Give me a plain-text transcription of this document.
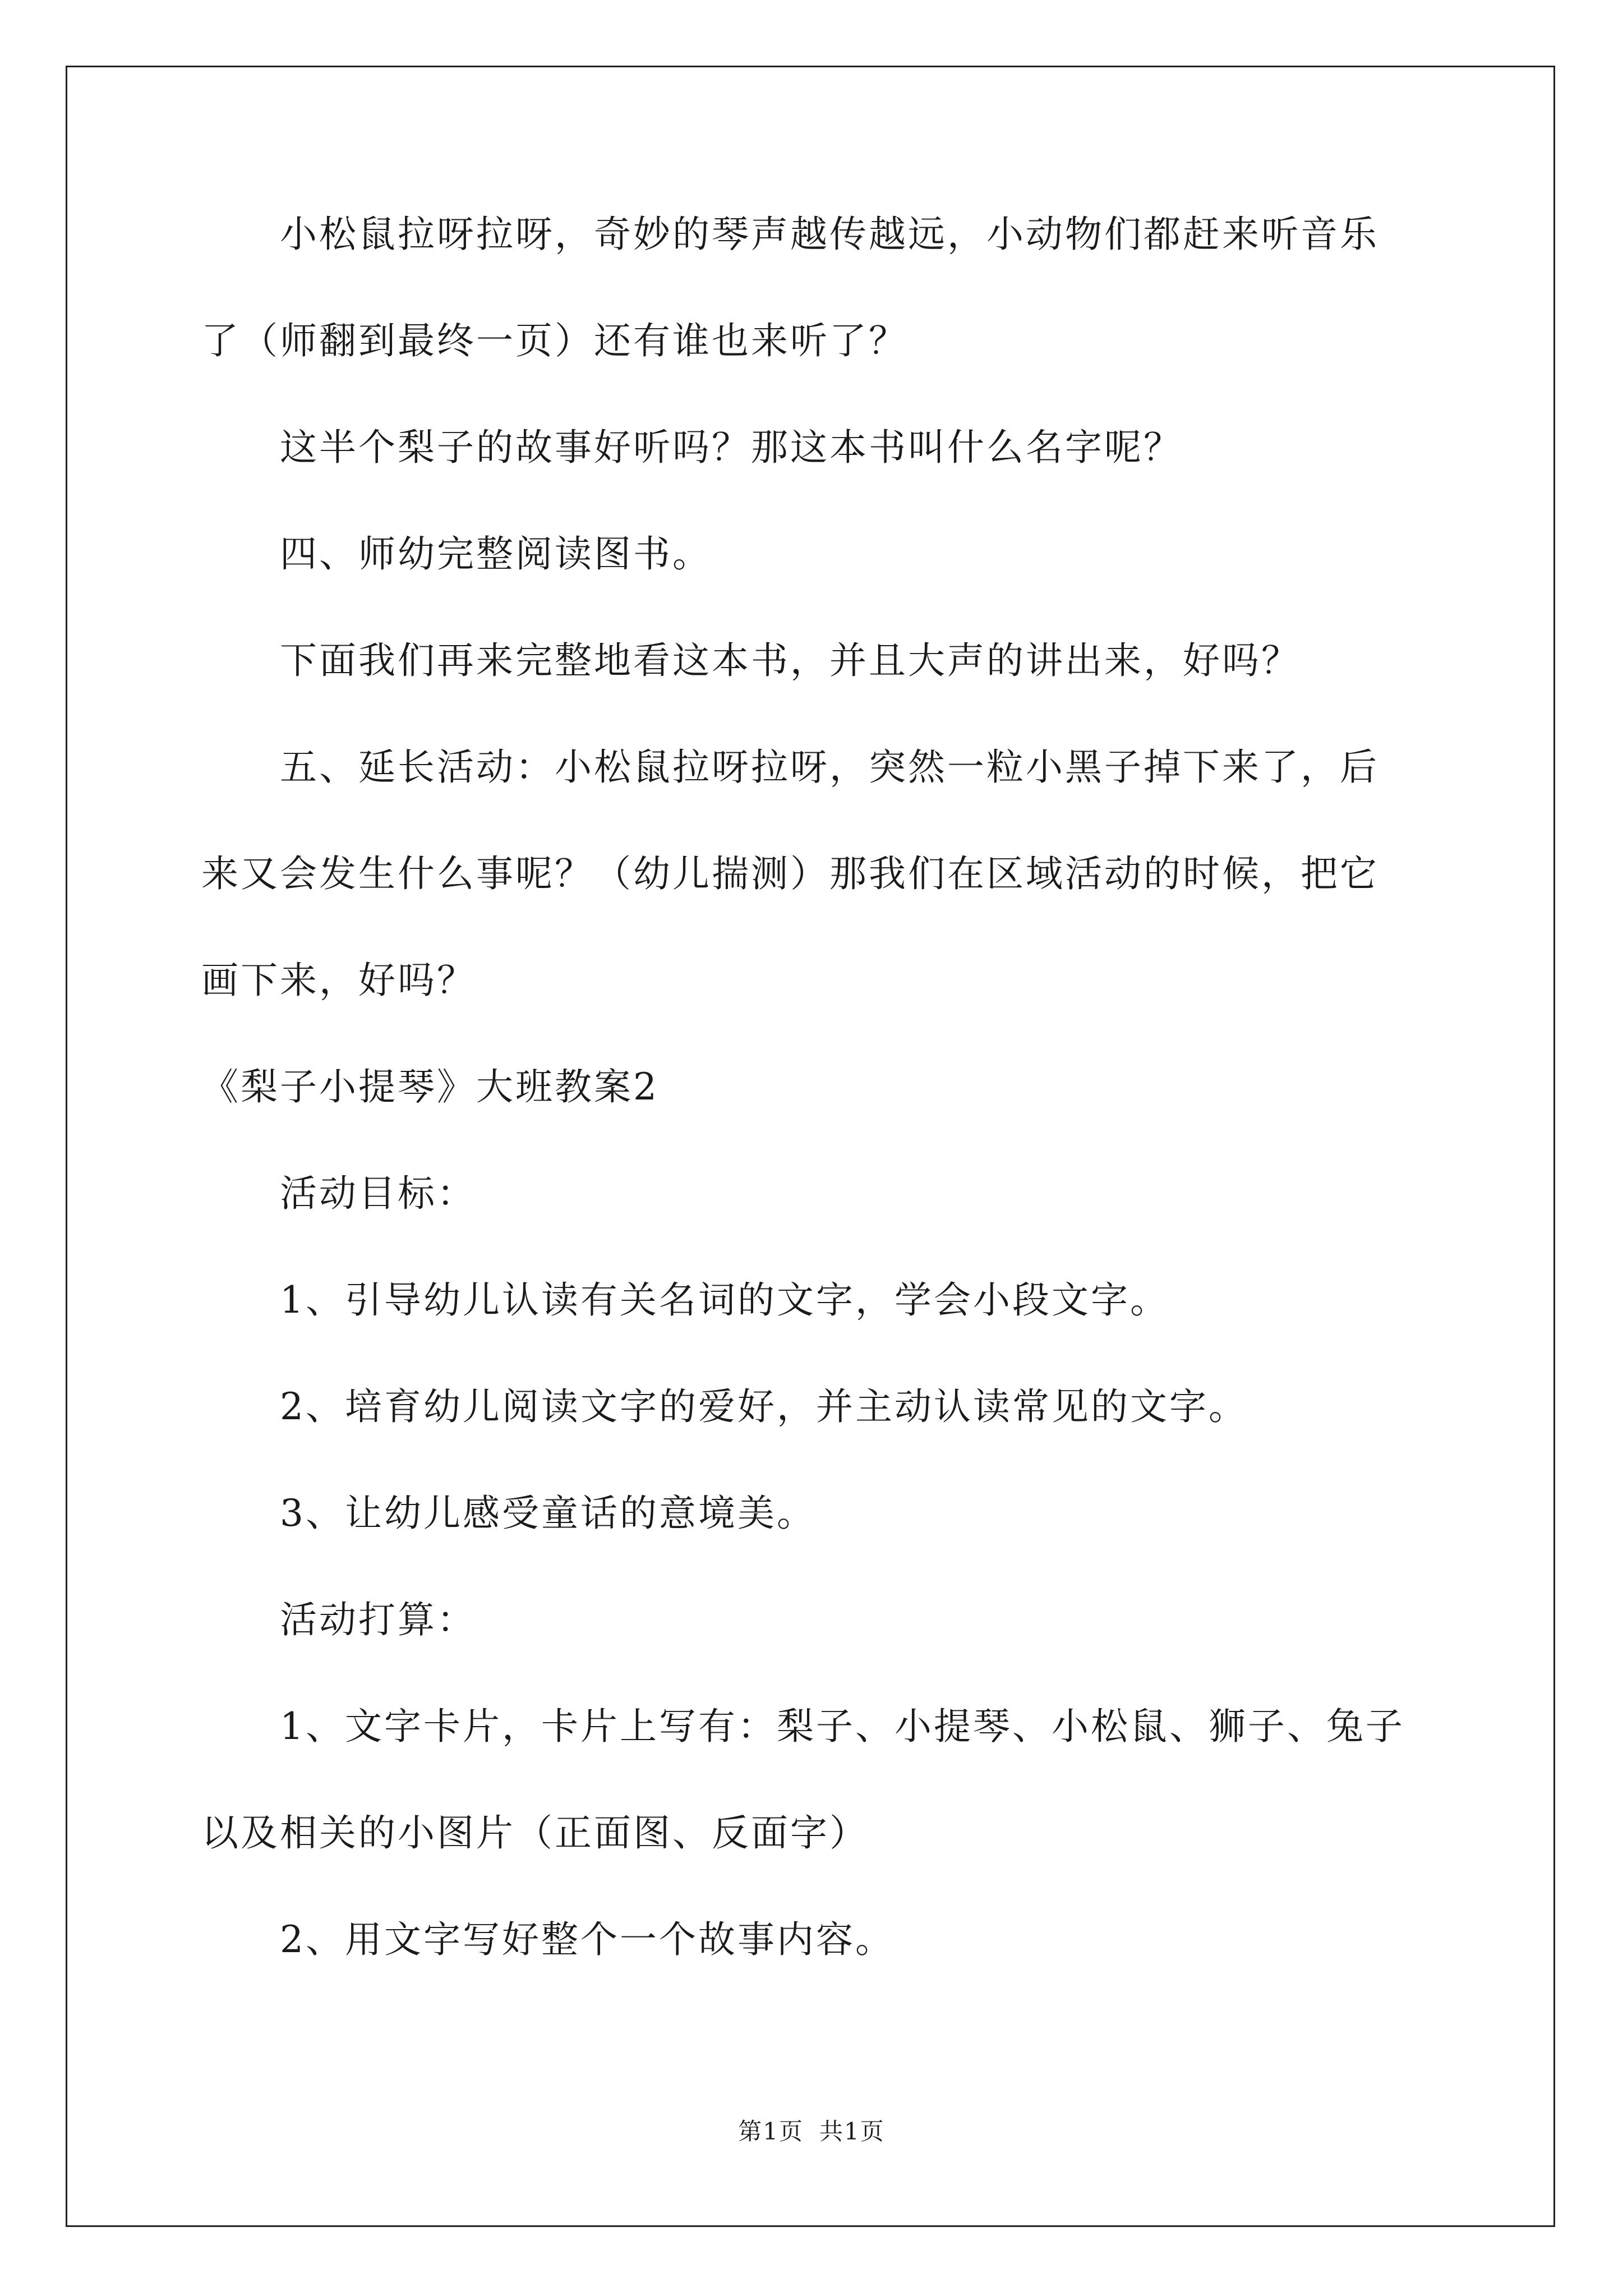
小松鼠拉呀拉呀，奇妙的琴声越传越远，小动物们都赶来听音乐
了（师翻到最终一页）还有谁也来听了？
这半个梨子的故事好听吗？那这本书叫什么名字呢？
四、师幼完整阅读图书。
下面我们再来完整地看这本书，并且大声的讲出来，好吗？
五、延长活动：小松鼠拉呀拉呀，突然一粒小黑子掉下来了，后
来又会发生什么事呢？（幼儿揣测）那我们在区域活动的时候，把它
画下来，好吗？
《梨子小提琴》大班教案2
活动目标：
1、引导幼儿认读有关名词的文字，学会小段文字。
2、培育幼儿阅读文字的爱好，并主动认读常见的文字。
3、让幼儿感受童话的意境美。
活动打算：
1、文字卡片，卡片上写有：梨子、小提琴、小松鼠、狮子、兔子
以及相关的小图片（正面图、反面字）
2、用文字写好整个一个故事内容。
第1页 共1页
